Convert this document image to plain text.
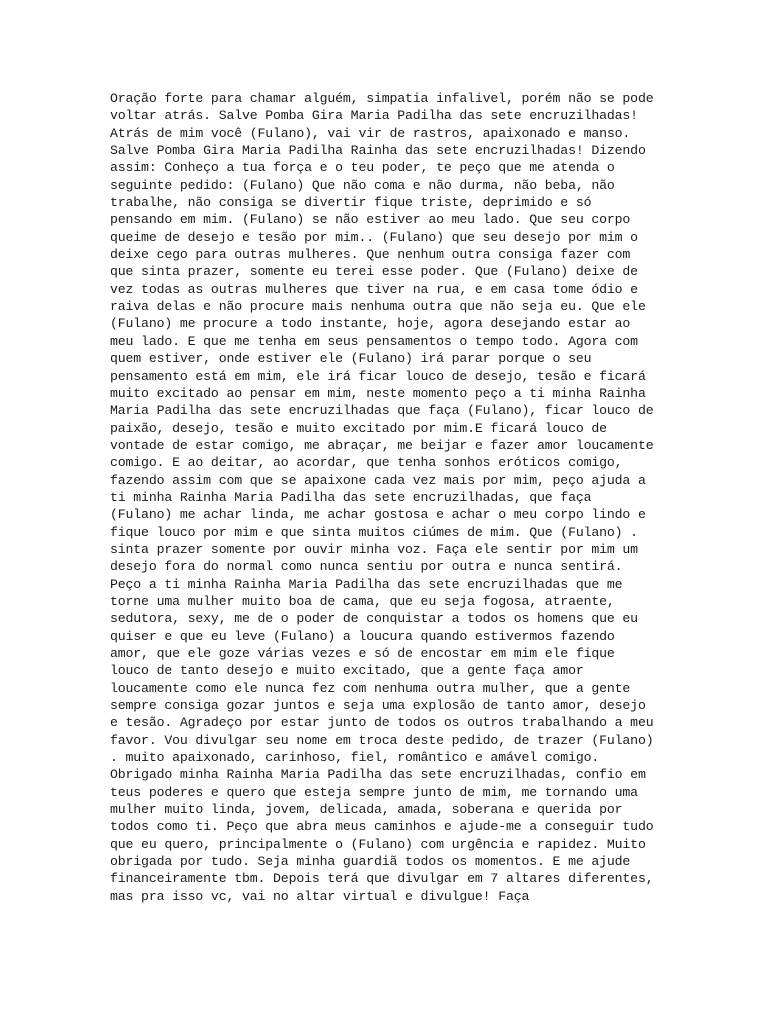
Oração forte para chamar alguém, simpatia infalivel, porém não se pode
voltar atrás. Salve Pomba Gira Maria Padilha das sete encruzilhadas!
Atrás de mim você (Fulano), vai vir de rastros, apaixonado e manso.
Salve Pomba Gira Maria Padilha Rainha das sete encruzilhadas! Dizendo
assim: Conheço a tua força e o teu poder, te peço que me atenda o
seguinte pedido: (Fulano) Que não coma e não durma, não beba, não
trabalhe, não consiga se divertir fique triste, deprimido e só
pensando em mim. (Fulano) se não estiver ao meu lado. Que seu corpo
queime de desejo e tesão por mim.. (Fulano) que seu desejo por mim o
deixe cego para outras mulheres. Que nenhum outra consiga fazer com
que sinta prazer, somente eu terei esse poder. Que (Fulano) deixe de
vez todas as outras mulheres que tiver na rua, e em casa tome ódio e
raiva delas e não procure mais nenhuma outra que não seja eu. Que ele
(Fulano) me procure a todo instante, hoje, agora desejando estar ao
meu lado. E que me tenha em seus pensamentos o tempo todo. Agora com
quem estiver, onde estiver ele (Fulano) irá parar porque o seu
pensamento está em mim, ele irá ficar louco de desejo, tesão e ficará
muito excitado ao pensar em mim, neste momento peço a ti minha Rainha
Maria Padilha das sete encruzilhadas que faça (Fulano), ficar louco de
paixão, desejo, tesão e muito excitado por mim.E ficará louco de
vontade de estar comigo, me abraçar, me beijar e fazer amor loucamente
comigo. E ao deitar, ao acordar, que tenha sonhos eróticos comigo,
fazendo assim com que se apaixone cada vez mais por mim, peço ajuda a
ti minha Rainha Maria Padilha das sete encruzilhadas, que faça
(Fulano) me achar linda, me achar gostosa e achar o meu corpo lindo e
fique louco por mim e que sinta muitos ciúmes de mim. Que (Fulano) .
sinta prazer somente por ouvir minha voz. Faça ele sentir por mim um
desejo fora do normal como nunca sentiu por outra e nunca sentirá.
Peço a ti minha Rainha Maria Padilha das sete encruzilhadas que me
torne uma mulher muito boa de cama, que eu seja fogosa, atraente,
sedutora, sexy, me de o poder de conquistar a todos os homens que eu
quiser e que eu leve (Fulano) a loucura quando estivermos fazendo
amor, que ele goze várias vezes e só de encostar em mim ele fique
louco de tanto desejo e muito excitado, que a gente faça amor
loucamente como ele nunca fez com nenhuma outra mulher, que a gente
sempre consiga gozar juntos e seja uma explosão de tanto amor, desejo
e tesão. Agradeço por estar junto de todos os outros trabalhando a meu
favor. Vou divulgar seu nome em troca deste pedido, de trazer (Fulano)
. muito apaixonado, carinhoso, fiel, romântico e amável comigo.
Obrigado minha Rainha Maria Padilha das sete encruzilhadas, confio em
teus poderes e quero que esteja sempre junto de mim, me tornando uma
mulher muito linda, jovem, delicada, amada, soberana e querida por
todos como ti. Peço que abra meus caminhos e ajude-me a conseguir tudo
que eu quero, principalmente o (Fulano) com urgência e rapidez. Muito
obrigada por tudo. Seja minha guardiã todos os momentos. E me ajude
financeiramente tbm. Depois terá que divulgar em 7 altares diferentes,
mas pra isso vc, vai no altar virtual e divulgue! Faça
